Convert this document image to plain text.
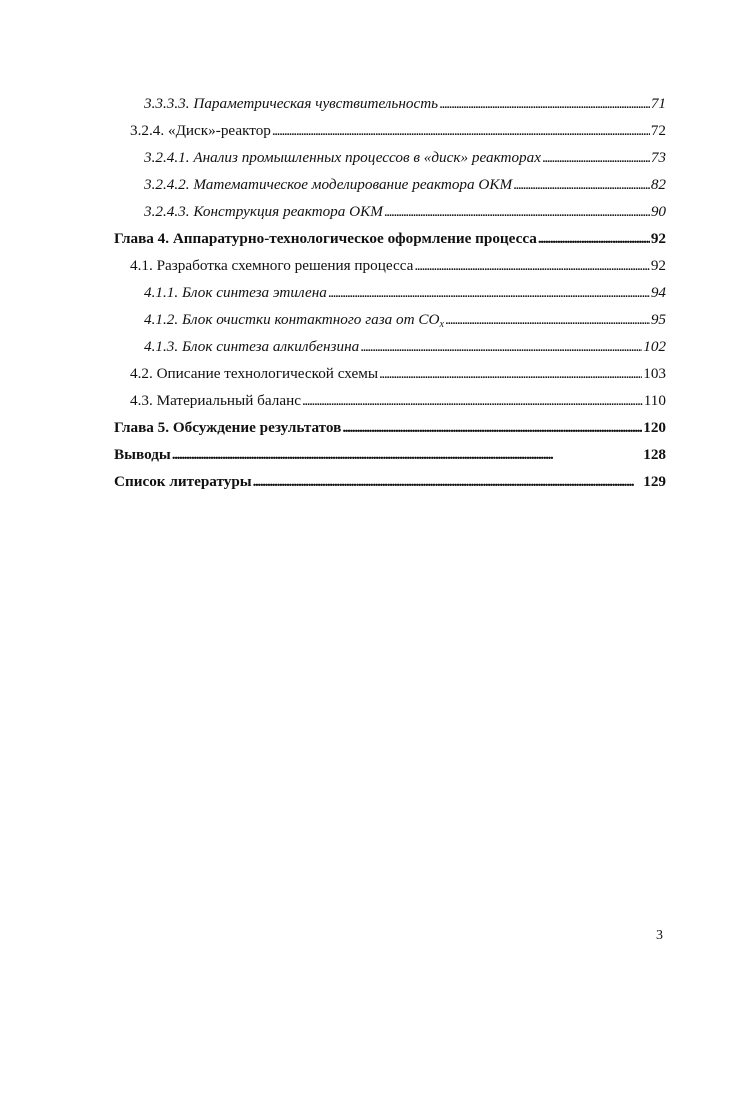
3.3.3.3. Параметрическая чувствительность . . .	71
3.2.4. «Диск»-реактор . . .	72
3.2.4.1. Анализ промышленных процессов в «диск» реакторах . . .	73
3.2.4.2. Математическое моделирование реактора ОКМ . . .	82
3.2.4.3. Конструкция реактора ОКМ . . .	90
Глава 4. Аппаратурно-технологическое оформление процесса . . .	92
4.1. Разработка схемного решения процесса . . .	92
4.1.1. Блок синтеза этилена . . .	94
4.1.2. Блок очистки контактного газа от $CO_x$ . . .	95
4.1.3. Блок синтеза алкилбензина . . .	102
4.2. Описание технологической схемы . . .	103
4.3. Материальный баланс . . .	110
Глава 5. Обсуждение результатов . . .	120
Выводы . . .	128
Список литературы . . .	129
3
